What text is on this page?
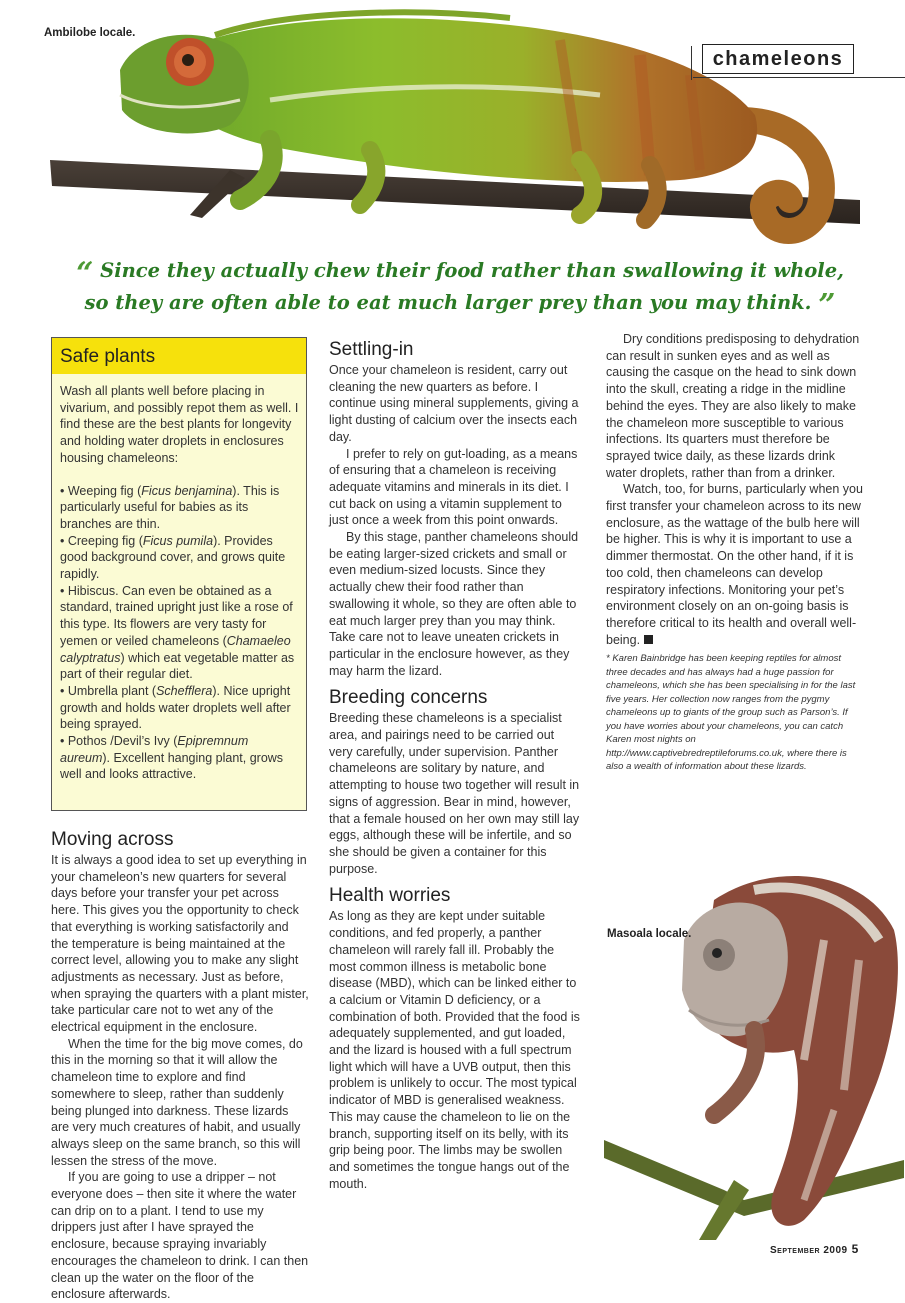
Ambilobe locale.
chameleons
“ Since they actually chew their food rather than swallowing it whole,
so they are often able to eat much larger prey than you may think. ”
Safe plants

Wash all plants well before placing in vivarium, and possibly repot them as well. I find these are the best plants for longevity and holding water droplets in enclosures housing chameleons:

• Weeping fig (Ficus benjamina). This is particularly useful for babies as its branches are thin.

• Creeping fig (Ficus pumila). Provides good background cover, and grows quite rapidly.

• Hibiscus. Can even be obtained as a standard, trained upright just like a rose of this type. Its flowers are very tasty for yemen or veiled chameleons (Chamaeleo calyptratus) which eat vegetable matter as part of their regular diet.

• Umbrella plant (Schefflera). Nice upright growth and holds water droplets well after being sprayed.

• Pothos /Devil’s Ivy (Epipremnum aureum). Excellent hanging plant, grows well and looks attractive.

Moving across

It is always a good idea to set up everything in your chameleon’s new quarters for several days before your transfer your pet across here. This gives you the opportunity to check that everything is working satisfactorily and the temperature is being maintained at the correct level, allowing you to make any slight adjustments as necessary. Just as before, when spraying the quarters with a plant mister, take particular care not to wet any of the electrical equipment in the enclosure.

When the time for the big move comes, do this in the morning so that it will allow the chameleon time to explore and find somewhere to sleep, rather than suddenly being plunged into darkness. These lizards are very much creatures of habit, and usually always sleep on the same branch, so this will lessen the stress of the move.

If you are going to use a dripper – not everyone does – then site it where the water can drip on to a plant. I tend to use my drippers just after I have sprayed the enclosure, because spraying invariably encourages the chameleon to drink. I can then clean up the water on the floor of the enclosure afterwards.

Settling-in

Once your chameleon is resident, carry out cleaning the new quarters as before. I continue using mineral supplements, giving a light dusting of calcium over the insects each day.

I prefer to rely on gut-loading, as a means of ensuring that a chameleon is receiving adequate vitamins and minerals in its diet. I cut back on using a vitamin supplement to just once a week from this point onwards.

By this stage, panther chameleons should be eating larger-sized crickets and small or even medium-sized locusts. Since they actually chew their food rather than swallowing it whole, so they are often able to eat much larger prey than you may think. Take care not to leave uneaten crickets in particular in the enclosure however, as they may harm the lizard.

Breeding concerns

Breeding these chameleons is a specialist area, and pairings need to be carried out very carefully, under supervision. Panther chameleons are solitary by nature, and attempting to house two together will result in signs of aggression. Bear in mind, however, that a female housed on her own may still lay eggs, although these will be infertile, and so she should be given a container for this purpose.

Health worries

As long as they are kept under suitable conditions, and fed properly, a panther chameleon will rarely fall ill. Probably the most common illness is metabolic bone disease (MBD), which can be linked either to a calcium or Vitamin D deficiency, or a combination of both. Provided that the food is adequately supplemented, and gut loaded, and the lizard is housed with a full spectrum light which will have a UVB output, then this problem is unlikely to occur. The most typical indicator of MBD is generalised weakness. This may cause the chameleon to lie on the branch, supporting itself on its belly, with its grip being poor. The limbs may be swollen and sometimes the tongue hangs out of the mouth.

Dry conditions predisposing to dehydration can result in sunken eyes and as well as causing the casque on the head to sink down into the skull, creating a ridge in the midline behind the eyes. They are also likely to make the chameleon more susceptible to various infections. Its quarters must therefore be sprayed twice daily, as these lizards drink water droplets, rather than from a drinker.

Watch, too, for burns, particularly when you first transfer your chameleon across to its new enclosure, as the wattage of the bulb here will be higher. This is why it is important to use a dimmer thermostat. On the other hand, if it is too cold, then chameleons can develop respiratory infections. Monitoring your pet’s environment closely on an on-going basis is therefore critical to its health and overall well-being.

* Karen Bainbridge has been keeping reptiles for almost three decades and has always had a huge passion for chameleons, which she has been specialising in for the last five years. Her collection now ranges from the pygmy chameleons up to giants of the group such as Parson’s. If you have worries about your chameleons, you can catch Karen most nights on http://www.captivebredreptileforums.co.uk, where there is also a wealth of information about these lizards.

Masoala locale.
September 2009 5
